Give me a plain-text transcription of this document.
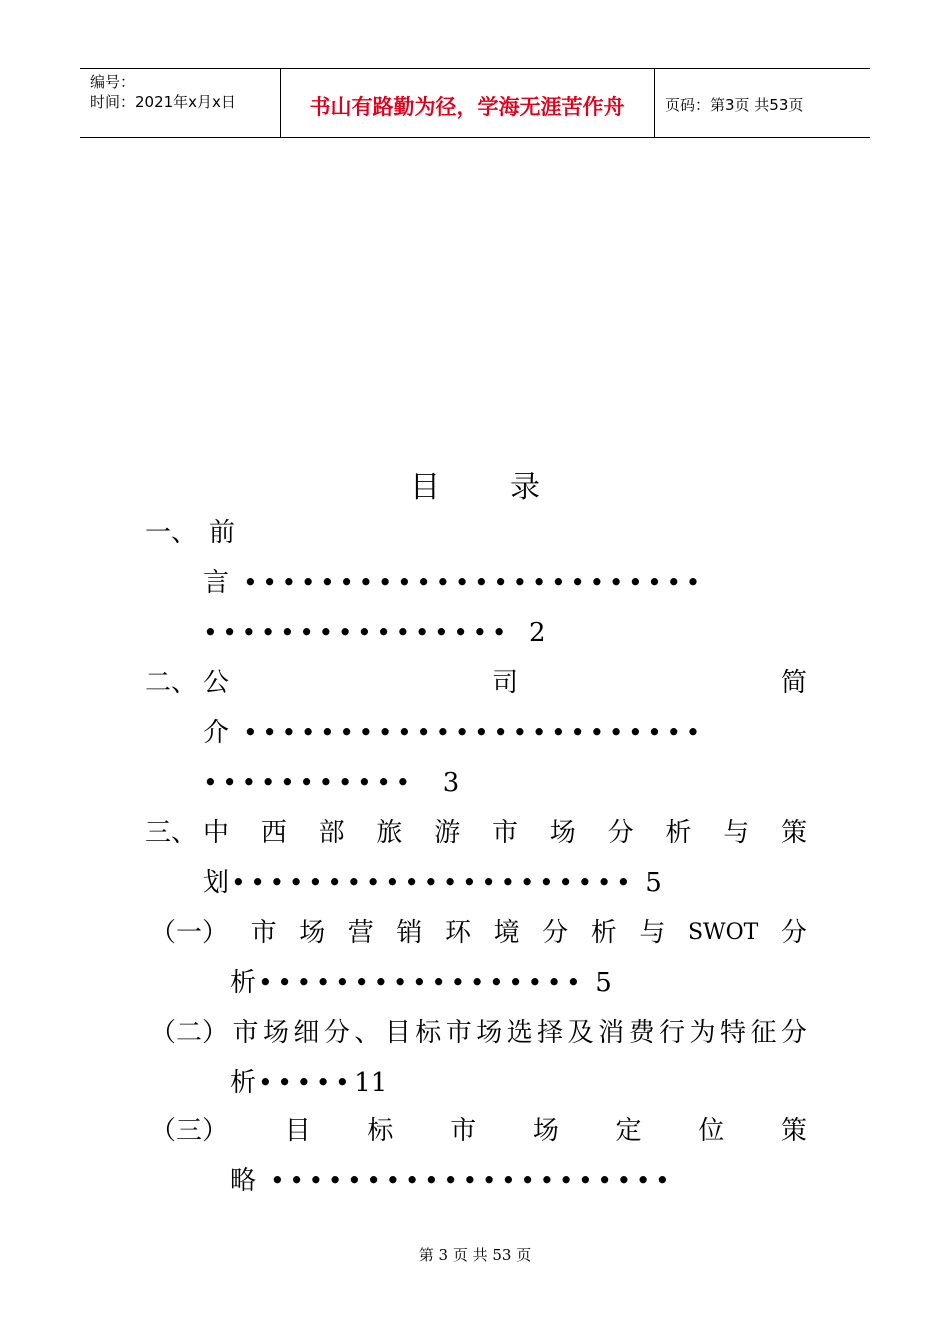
编号：
时间：2021年x月x日	书山有路勤为径，学海无涯苦作舟	页码：第3页 共53页
目录
一、 前
言 ••••••••••••••••••••••••
•••••••••••••••• 2
二、 公	司	简
介 ••••••••••••••••••••••••
••••••••••• 3
三、 中 西 部 旅 游 市 场 分 析 与 策
划 ••••••••••••••••••••• 5
（一） 市 场 营 销 环 境 分 析 与 SWOT 分
析 ••••••••••••••••• 5
（二） 市 场 细 分 、 目 标 市 场 选 择 及 消 费 行 为 特 征 分
析 ••••• 11
（三） 目 标 市 场 定 位 策
略 •••••••••••••••••••••
第 3 页 共 53 页
